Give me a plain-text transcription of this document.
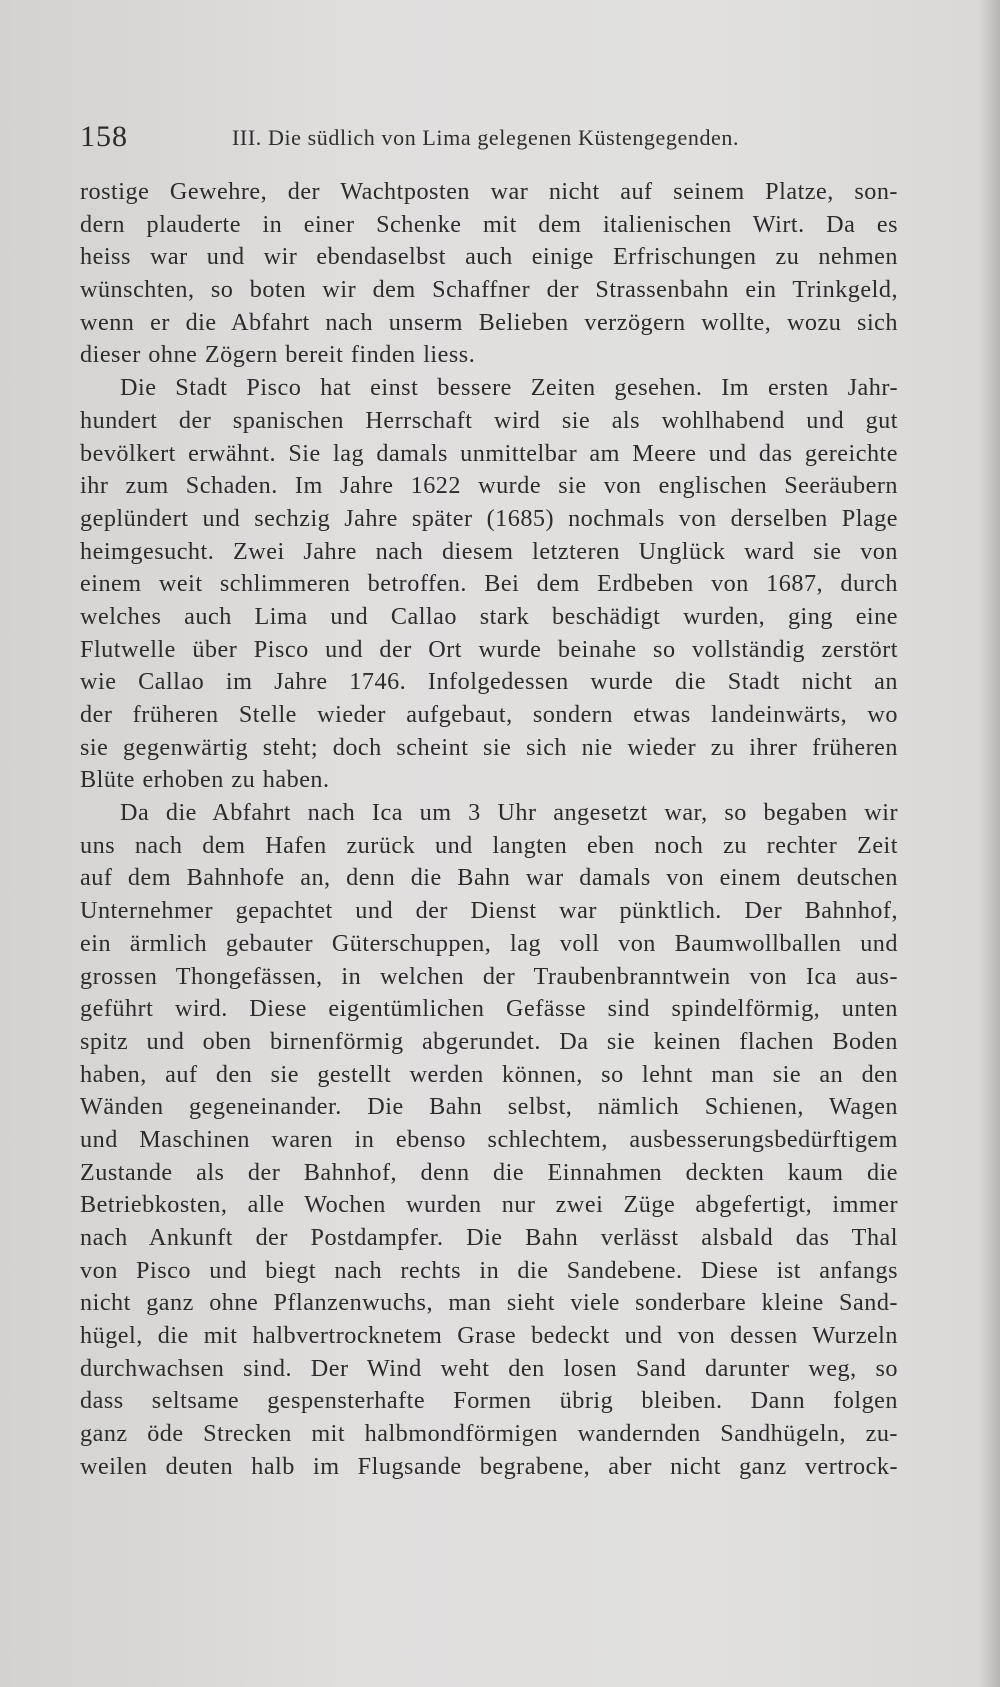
158	III. Die südlich von Lima gelegenen Küstengegenden.
rostige Gewehre, der Wachtposten war nicht auf seinem Platze, son-
dern plauderte in einer Schenke mit dem italienischen Wirt. Da es
heiss war und wir ebendaselbst auch einige Erfrischungen zu nehmen
wünschten, so boten wir dem Schaffner der Strassenbahn ein Trinkgeld,
wenn er die Abfahrt nach unserm Belieben verzögern wollte, wozu sich
dieser ohne Zögern bereit finden liess.
Die Stadt Pisco hat einst bessere Zeiten gesehen. Im ersten Jahr-
hundert der spanischen Herrschaft wird sie als wohlhabend und gut
bevölkert erwähnt. Sie lag damals unmittelbar am Meere und das gereichte
ihr zum Schaden. Im Jahre 1622 wurde sie von englischen Seeräubern
geplündert und sechzig Jahre später (1685) nochmals von derselben Plage
heimgesucht. Zwei Jahre nach diesem letzteren Unglück ward sie von
einem weit schlimmeren betroffen. Bei dem Erdbeben von 1687, durch
welches auch Lima und Callao stark beschädigt wurden, ging eine
Flutwelle über Pisco und der Ort wurde beinahe so vollständig zerstört
wie Callao im Jahre 1746. Infolgedessen wurde die Stadt nicht an
der früheren Stelle wieder aufgebaut, sondern etwas landeinwärts, wo
sie gegenwärtig steht; doch scheint sie sich nie wieder zu ihrer früheren
Blüte erhoben zu haben.
Da die Abfahrt nach Ica um 3 Uhr angesetzt war, so begaben wir
uns nach dem Hafen zurück und langten eben noch zu rechter Zeit
auf dem Bahnhofe an, denn die Bahn war damals von einem deutschen
Unternehmer gepachtet und der Dienst war pünktlich. Der Bahnhof,
ein ärmlich gebauter Güterschuppen, lag voll von Baumwollballen und
grossen Thongefässen, in welchen der Traubenbranntwein von Ica aus-
geführt wird. Diese eigentümlichen Gefässe sind spindelförmig, unten
spitz und oben birnenförmig abgerundet. Da sie keinen flachen Boden
haben, auf den sie gestellt werden können, so lehnt man sie an den
Wänden gegeneinander. Die Bahn selbst, nämlich Schienen, Wagen
und Maschinen waren in ebenso schlechtem, ausbesserungsbedürftigem
Zustande als der Bahnhof, denn die Einnahmen deckten kaum die
Betriebkosten, alle Wochen wurden nur zwei Züge abgefertigt, immer
nach Ankunft der Postdampfer. Die Bahn verlässt alsbald das Thal
von Pisco und biegt nach rechts in die Sandebene. Diese ist anfangs
nicht ganz ohne Pflanzenwuchs, man sieht viele sonderbare kleine Sand-
hügel, die mit halbvertrocknetem Grase bedeckt und von dessen Wurzeln
durchwachsen sind. Der Wind weht den losen Sand darunter weg, so
dass seltsame gespensterhafte Formen übrig bleiben. Dann folgen
ganz öde Strecken mit halbmondförmigen wandernden Sandhügeln, zu-
weilen deuten halb im Flugsande begrabene, aber nicht ganz vertrock-
